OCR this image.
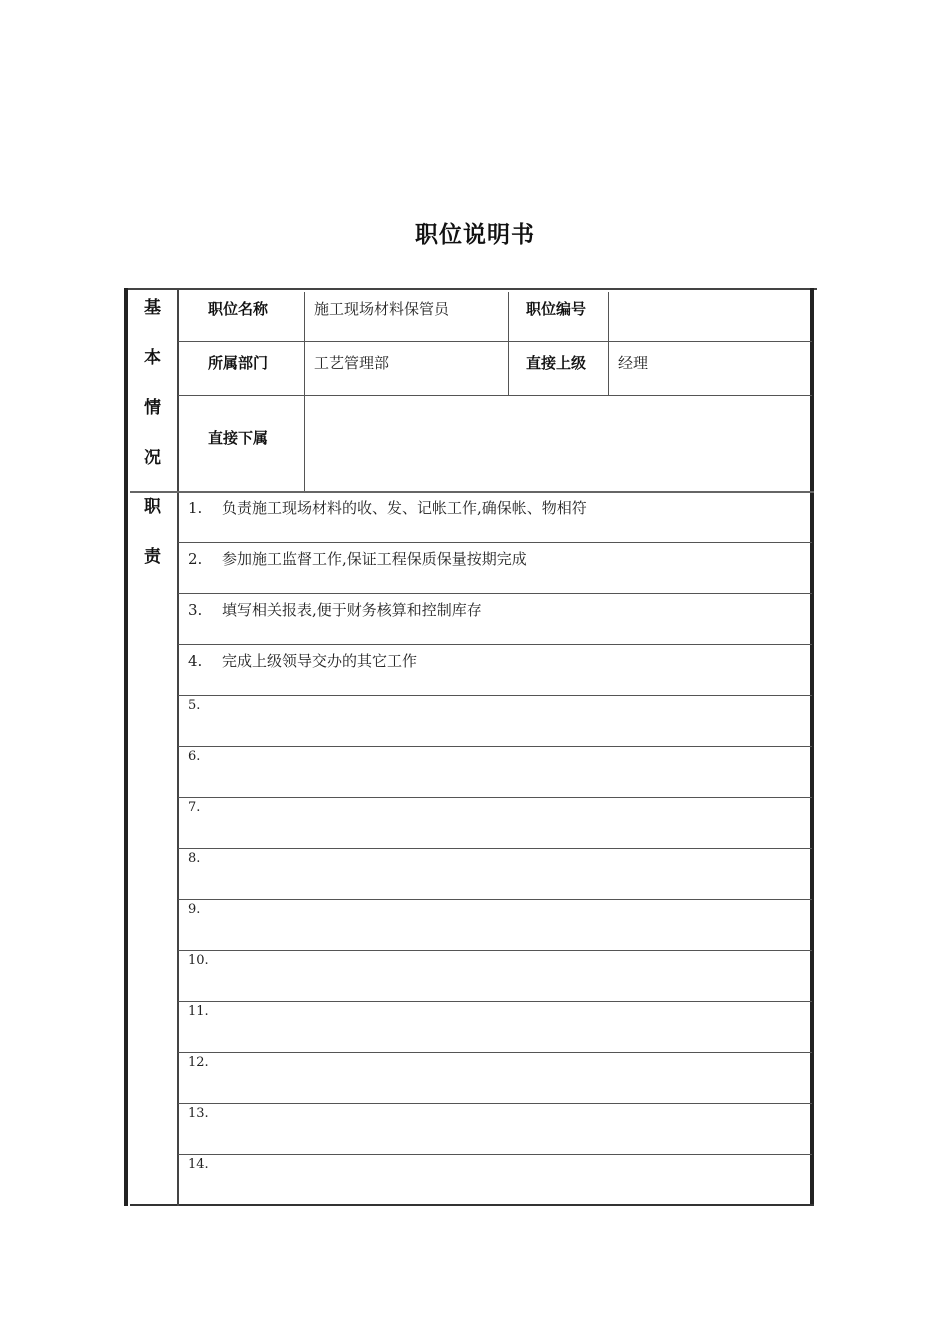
职位说明书
基
本
情
况
职位名称	施工现场材料保管员	职位编号
所属部门	工艺管理部	直接上级 经理
直接下属
职
责
1. 负责施工现场材料的收、发、记帐工作,确保帐、物相符
2. 参加施工监督工作,保证工程保质保量按期完成
3. 填写相关报表,便于财务核算和控制库存
4. 完成上级领导交办的其它工作
5.
6.
7.
8.
9.
10.
11.
12.
13.
14.
